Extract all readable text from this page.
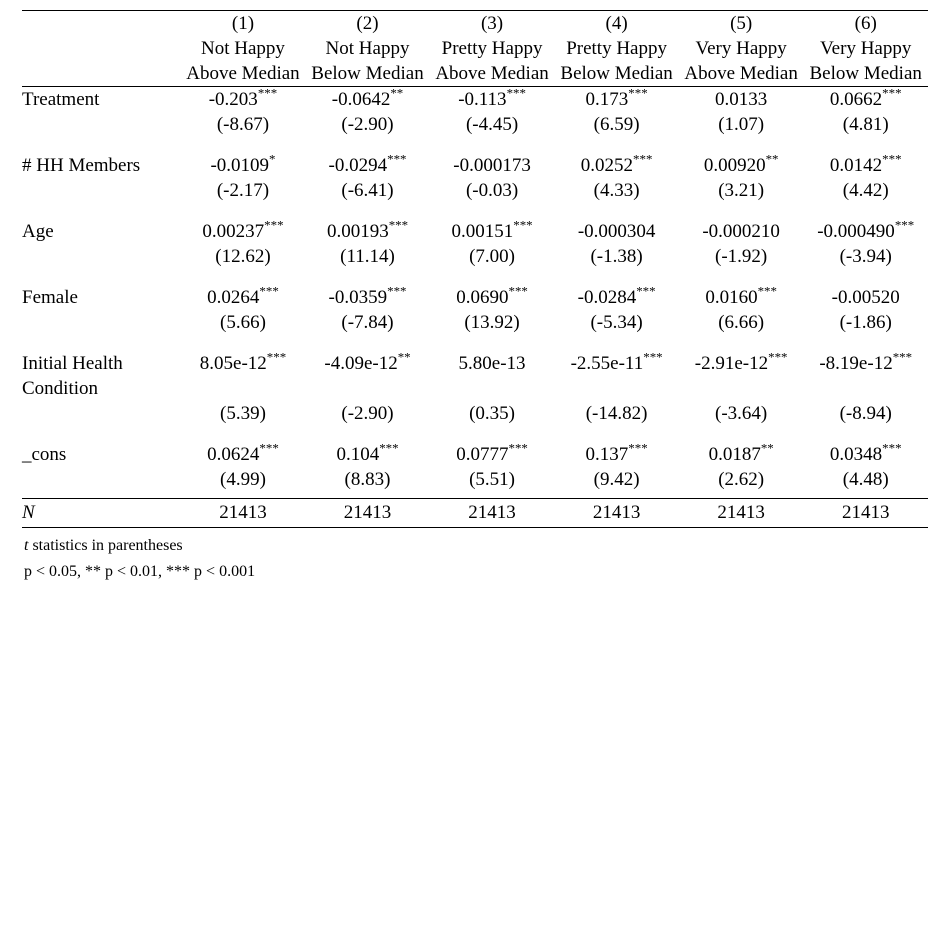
	(1)	(2)	(3)	(4)	(5)	(6)
	Not Happy Above Median	Not Happy Below Median	Pretty Happy Above Median	Pretty Happy Below Median	Very Happy Above Median	Very Happy Below Median

Treatment	-0.203***	-0.0642**	-0.113***	0.173***	0.0133	0.0662***
	(-8.67)	(-2.90)	(-4.45)	(6.59)	(1.07)	(4.81)

# HH Members	-0.0109*	-0.0294***	-0.000173	0.0252***	0.00920**	0.0142***
	(-2.17)	(-6.41)	(-0.03)	(4.33)	(3.21)	(4.42)

Age	0.00237***	0.00193***	0.00151***	-0.000304	-0.000210	-0.000490***
	(12.62)	(11.14)	(7.00)	(-1.38)	(-1.92)	(-3.94)

Female	0.0264***	-0.0359***	0.0690***	-0.0284***	0.0160***	-0.00520
	(5.66)	(-7.84)	(13.92)	(-5.34)	(6.66)	(-1.86)

Initial Health Condition	8.05e-12***	-4.09e-12**	5.80e-13	-2.55e-11***	-2.91e-12***	-8.19e-12***
	(5.39)	(-2.90)	(0.35)	(-14.82)	(-3.64)	(-8.94)

_cons	0.0624***	0.104***	0.0777***	0.137***	0.0187**	0.0348***
	(4.99)	(8.83)	(5.51)	(9.42)	(2.62)	(4.48)

N	21413	21413	21413	21413	21413	21413

t statistics in parentheses
p < 0.05, ** p < 0.01, *** p < 0.001
